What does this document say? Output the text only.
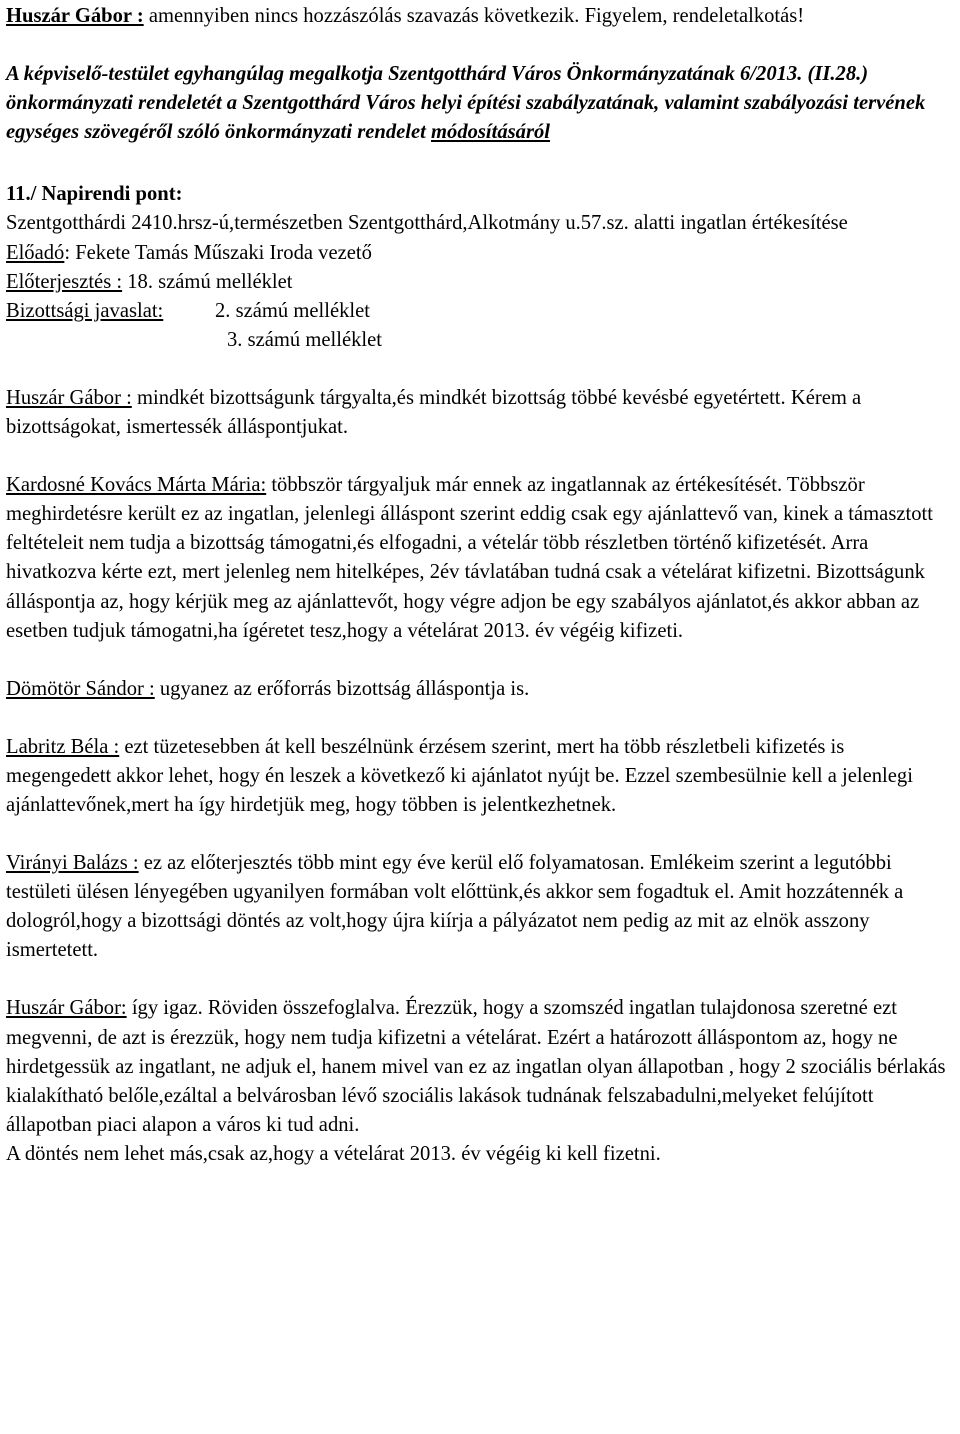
Huszár Gábor : amennyiben nincs hozzászólás szavazás következik. Figyelem, rendeletalkotás!

A képviselő-testület egyhangúlag megalkotja Szentgotthárd Város Önkormányzatának 6/2013. (II.28.) önkormányzati rendeletét a Szentgotthárd Város helyi építési szabályzatának, valamint szabályozási tervének egységes szövegéről szóló önkormányzati rendelet módosításáról

11./ Napirendi pont:

Szentgotthárdi 2410.hrsz-ú,természetben Szentgotthárd,Alkotmány u.57.sz. alatti ingatlan értékesítése

Előadó: Fekete Tamás Műszaki Iroda vezető

Előterjesztés : 18. számú melléklet

Bizottsági javaslat:	2. számú melléklet

3. számú melléklet

Huszár Gábor : mindkét bizottságunk tárgyalta,és mindkét bizottság többé kevésbé egyetértett. Kérem a bizottságokat, ismertessék álláspontjukat.

Kardosné Kovács Márta Mária: többször tárgyaljuk már ennek az ingatlannak az értékesítését. Többször meghirdetésre került ez az ingatlan, jelenlegi álláspont szerint eddig csak egy ajánlattevő van, kinek a támasztott feltételeit nem tudja a bizottság támogatni,és elfogadni, a vételár több részletben történő kifizetését. Arra hivatkozva kérte ezt, mert jelenleg nem hitelképes, 2év távlatában tudná csak a vételárat kifizetni. Bizottságunk álláspontja az, hogy kérjük meg az ajánlattevőt, hogy végre adjon be egy szabályos ajánlatot,és akkor abban az esetben tudjuk támogatni,ha ígéretet tesz,hogy a vételárat 2013. év végéig kifizeti.

Dömötör Sándor : ugyanez az erőforrás bizottság álláspontja is.

Labritz Béla : ezt tüzetesebben át kell beszélnünk érzésem szerint, mert ha több részletbeli kifizetés is megengedett akkor lehet, hogy én leszek a következő ki ajánlatot nyújt be. Ezzel szembesülnie kell a jelenlegi ajánlattevőnek,mert ha így hirdetjük meg, hogy többen is jelentkezhetnek.

Virányi Balázs : ez az előterjesztés több mint egy éve kerül elő folyamatosan. Emlékeim szerint a legutóbbi testületi ülésen lényegében ugyanilyen formában volt előttünk,és akkor sem fogadtuk el. Amit hozzátennék a dologról,hogy a bizottsági döntés az volt,hogy újra kiírja a pályázatot nem pedig az mit az elnök asszony ismertetett.

Huszár Gábor: így igaz. Röviden összefoglalva. Érezzük, hogy a szomszéd ingatlan tulajdonosa szeretné ezt megvenni, de azt is érezzük, hogy nem tudja kifizetni a vételárat. Ezért a határozott álláspontom az, hogy ne hirdetgessük az ingatlant, ne adjuk el, hanem mivel van ez az ingatlan olyan állapotban , hogy 2 szociális bérlakás kialakítható belőle,ezáltal a belvárosban lévő szociális lakások tudnának felszabadulni,melyeket felújított állapotban piaci alapon a város ki tud adni.

A döntés nem lehet más,csak az,hogy a vételárat 2013. év végéig ki kell fizetni.
